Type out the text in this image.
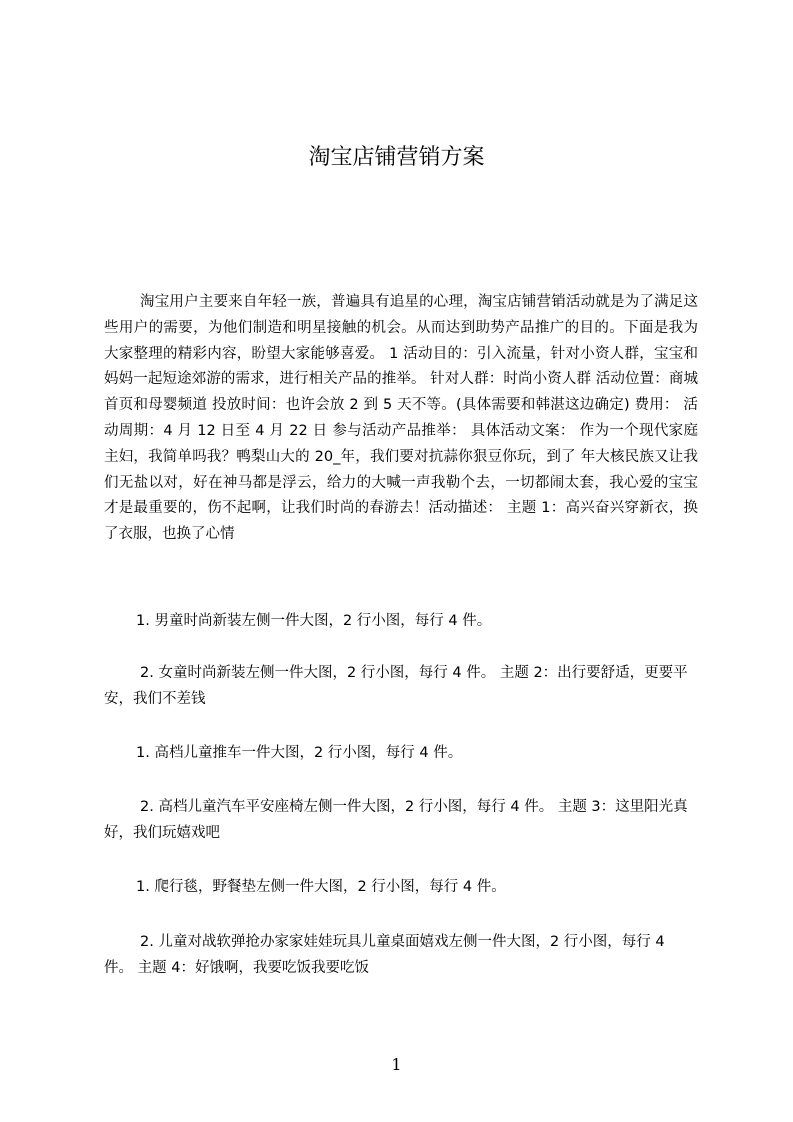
淘宝店铺营销方案

淘宝用户主要来自年轻一族，普遍具有追星的心理，淘宝店铺营销活动就是为了满足这些用户的需要，为他们制造和明星接触的机会。从而达到助势产品推广的目的。下面是我为大家整理的精彩内容，盼望大家能够喜爱。 1 活动目的：引入流量，针对小资人群，宝宝和妈妈一起短途郊游的需求，进行相关产品的推举。 针对人群：时尚小资人群 活动位置：商城首页和母婴频道 投放时间：也许会放 2 到 5 天不等。(具体需要和韩湛这边确定) 费用： 活动周期：4 月 12 日至 4 月 22 日 参与活动产品推举： 具体活动文案： 作为一个现代家庭主妇，我简单吗我？鸭梨山大的 20_年，我们要对抗蒜你狠豆你玩，到了 年大核民族又让我们无盐以对，好在神马都是浮云，给力的大喊一声我勒个去，一切都闹太套，我心爱的宝宝才是最重要的，伤不起啊，让我们时尚的春游去！活动描述： 主题 1：高兴奋兴穿新衣，换了衣服，也换了心情

1. 男童时尚新装左侧一件大图，2 行小图，每行 4 件。

2. 女童时尚新装左侧一件大图，2 行小图，每行 4 件。 主题 2：出行要舒适，更要平安，我们不差钱

1. 高档儿童推车一件大图，2 行小图，每行 4 件。

2. 高档儿童汽车平安座椅左侧一件大图，2 行小图，每行 4 件。 主题 3：这里阳光真好，我们玩嬉戏吧

1. 爬行毯，野餐垫左侧一件大图，2 行小图，每行 4 件。

2. 儿童对战软弹抢办家家娃娃玩具儿童桌面嬉戏左侧一件大图，2 行小图，每行 4 件。 主题 4：好饿啊，我要吃饭我要吃饭

1
